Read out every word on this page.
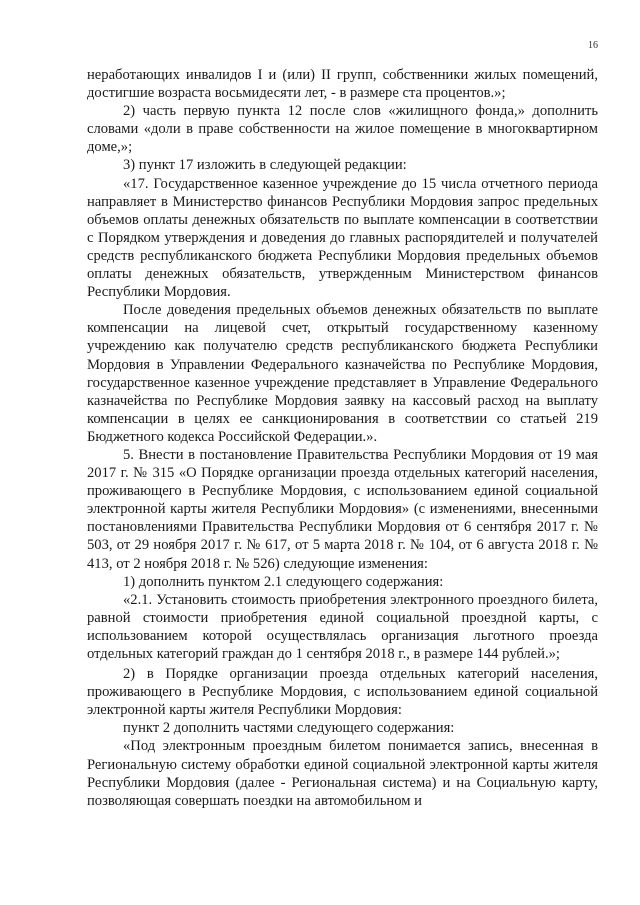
16

неработающих инвалидов I и (или) II групп, собственники жилых помещений, достигшие возраста восьмидесяти лет, - в размере ста процентов.»;

2) часть первую пункта 12 после слов «жилищного фонда,» дополнить словами «доли в праве собственности на жилое помещение в многоквартирном доме,»;

3) пункт 17 изложить в следующей редакции:

«17. Государственное казенное учреждение до 15 числа отчетного периода направляет в Министерство финансов Республики Мордовия запрос предельных объемов оплаты денежных обязательств по выплате компенсации в соответствии с Порядком утверждения и доведения до главных распорядителей и получателей средств республиканского бюджета Республики Мордовия предельных объемов оплаты денежных обязательств, утвержденным Министерством финансов Республики Мордовия.

После доведения предельных объемов денежных обязательств по выплате компенсации на лицевой счет, открытый государственному казенному учреждению как получателю средств республиканского бюджета Республики Мордовия в Управлении Федерального казначейства по Республике Мордовия, государственное казенное учреждение представляет в Управление Федерального казначейства по Республике Мордовия заявку на кассовый расход на выплату компенсации в целях ее санкционирования в соответствии со статьей 219 Бюджетного кодекса Российской Федерации.».

5. Внести в постановление Правительства Республики Мордовия от 19 мая 2017 г. № 315 «О Порядке организации проезда отдельных категорий населения, проживающего в Республике Мордовия, с использованием единой социальной электронной карты жителя Республики Мордовия» (с изменениями, внесенными постановлениями Правительства Республики Мордовия от 6 сентября 2017 г. № 503, от 29 ноября 2017 г. № 617, от 5 марта 2018 г. № 104, от 6 августа 2018 г. № 413, от 2 ноября 2018 г. № 526) следующие изменения:

1) дополнить пунктом 2.1 следующего содержания:

«2.1. Установить стоимость приобретения электронного проездного билета, равной стоимости приобретения единой социальной проездной карты, с использованием которой осуществлялась организация льготного проезда отдельных категорий граждан до 1 сентября 2018 г., в размере 144 рублей.»;

2) в Порядке организации проезда отдельных категорий населения, проживающего в Республике Мордовия, с использованием единой социальной электронной карты жителя Республики Мордовия:

пункт 2 дополнить частями следующего содержания:

«Под электронным проездным билетом понимается запись, внесенная в Региональную систему обработки единой социальной электронной карты жителя Республики Мордовия (далее - Региональная система) и на Социальную карту, позволяющая совершать поездки на автомобильном и
